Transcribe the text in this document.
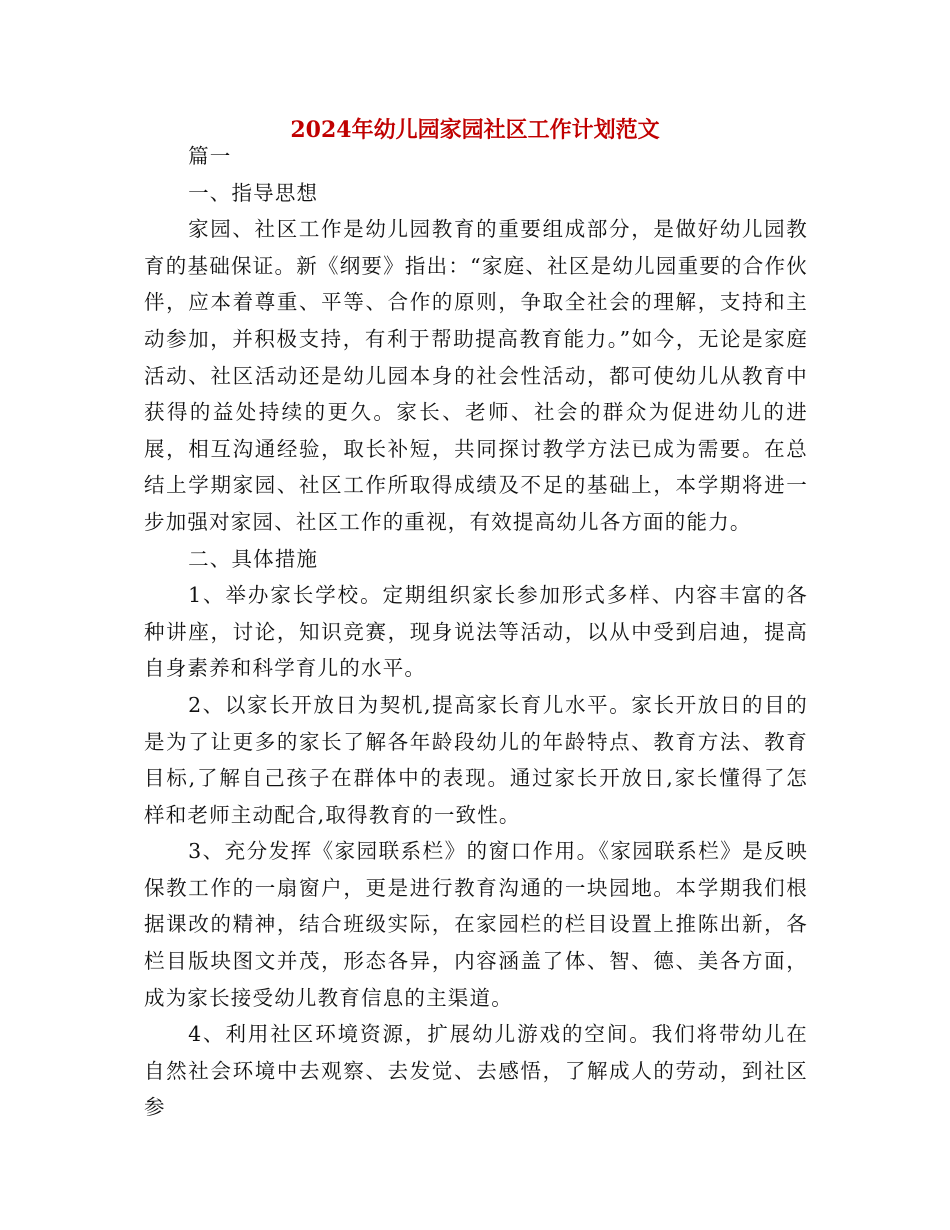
2024年幼儿园家园社区工作计划范文

篇一

一、指导思想

家园、社区工作是幼儿园教育的重要组成部分，是做好幼儿园教育的基础保证。新《纲要》指出：“家庭、社区是幼儿园重要的合作伙伴，应本着尊重、平等、合作的原则，争取全社会的理解，支持和主动参加，并积极支持，有利于帮助提高教育能力。”如今，无论是家庭活动、社区活动还是幼儿园本身的社会性活动，都可使幼儿从教育中获得的益处持续的更久。家长、老师、社会的群众为促进幼儿的进展，相互沟通经验，取长补短，共同探讨教学方法已成为需要。在总结上学期家园、社区工作所取得成绩及不足的基础上，本学期将进一步加强对家园、社区工作的重视，有效提高幼儿各方面的能力。

二、具体措施

1、举办家长学校。定期组织家长参加形式多样、内容丰富的各种讲座，讨论，知识竞赛，现身说法等活动，以从中受到启迪，提高自身素养和科学育儿的水平。

2、以家长开放日为契机,提高家长育儿水平。家长开放日的目的是为了让更多的家长了解各年龄段幼儿的年龄特点、教育方法、教育目标,了解自己孩子在群体中的表现。通过家长开放日,家长懂得了怎样和老师主动配合,取得教育的一致性。

3、充分发挥《家园联系栏》的窗口作用。《家园联系栏》是反映保教工作的一扇窗户，更是进行教育沟通的一块园地。本学期我们根据课改的精神，结合班级实际，在家园栏的栏目设置上推陈出新，各栏目版块图文并茂，形态各异，内容涵盖了体、智、德、美各方面，成为家长接受幼儿教育信息的主渠道。

4、利用社区环境资源，扩展幼儿游戏的空间。我们将带幼儿在自然社会环境中去观察、去发觉、去感悟，了解成人的劳动，到社区参
